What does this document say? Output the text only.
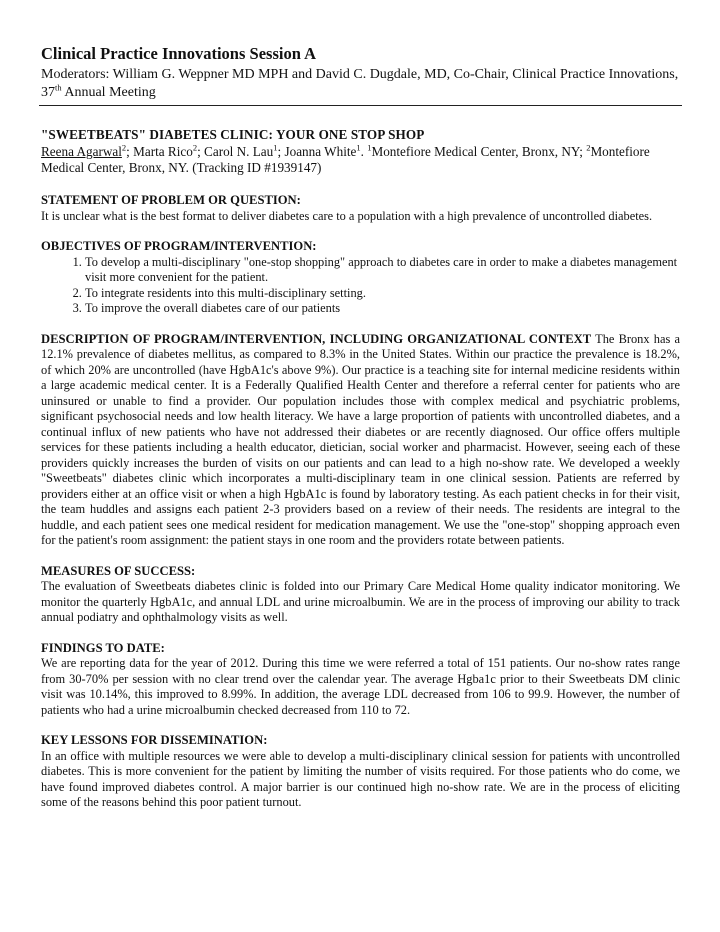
Clinical Practice Innovations Session A

Moderators: William G. Weppner MD MPH and David C. Dugdale, MD, Co-Chair, Clinical Practice Innovations, 37th Annual Meeting

"SWEETBEATS" DIABETES CLINIC: YOUR ONE STOP SHOP

Reena Agarwal$^2$; Marta Rico$^2$; Carol N. Lau$^1$; Joanna White$^1$. $^1$Montefiore Medical Center, Bronx, NY; $^2$Montefiore Medical Center, Bronx, NY. (Tracking ID #1939147)

STATEMENT OF PROBLEM OR QUESTION:

It is unclear what is the best format to deliver diabetes care to a population with a high prevalence of uncontrolled diabetes.

OBJECTIVES OF PROGRAM/INTERVENTION:
1. To develop a multi-disciplinary "one-stop shopping" approach to diabetes care in order to make a diabetes management visit more convenient for the patient.
2. To integrate residents into this multi-disciplinary setting.
3. To improve the overall diabetes care of our patients

DESCRIPTION OF PROGRAM/INTERVENTION, INCLUDING ORGANIZATIONAL CONTEXT The Bronx has a 12.1% prevalence of diabetes mellitus, as compared to 8.3% in the United States. Within our practice the prevalence is 18.2%, of which 20% are uncontrolled (have HgbA1c's above 9%). Our practice is a teaching site for internal medicine residents within a large academic medical center. It is a Federally Qualified Health Center and therefore a referral center for patients who are uninsured or unable to find a provider. Our population includes those with complex medical and psychiatric problems, significant psychosocial needs and low health literacy. We have a large proportion of patients with uncontrolled diabetes, and a continual influx of new patients who have not addressed their diabetes or are recently diagnosed. Our office offers multiple services for these patients including a health educator, dietician, social worker and pharmacist. However, seeing each of these providers quickly increases the burden of visits on our patients and can lead to a high no-show rate. We developed a weekly "Sweetbeats" diabetes clinic which incorporates a multi-disciplinary team in one clinical session. Patients are referred by providers either at an office visit or when a high HgbA1c is found by laboratory testing. As each patient checks in for their visit, the team huddles and assigns each patient 2-3 providers based on a review of their needs. The residents are integral to the huddle, and each patient sees one medical resident for medication management. We use the "one-stop" shopping approach even for the patient's room assignment: the patient stays in one room and the providers rotate between patients.

MEASURES OF SUCCESS:

The evaluation of Sweetbeats diabetes clinic is folded into our Primary Care Medical Home quality indicator monitoring. We monitor the quarterly HgbA1c, and annual LDL and urine microalbumin. We are in the process of improving our ability to track annual podiatry and ophthalmology visits as well.

FINDINGS TO DATE:

We are reporting data for the year of 2012. During this time we were referred a total of 151 patients. Our no-show rates range from 30-70% per session with no clear trend over the calendar year. The average Hgba1c prior to their Sweetbeats DM clinic visit was 10.14%, this improved to 8.99%. In addition, the average LDL decreased from 106 to 99.9. However, the number of patients who had a urine microalbumin checked decreased from 110 to 72.

KEY LESSONS FOR DISSEMINATION:

In an office with multiple resources we were able to develop a multi-disciplinary clinical session for patients with uncontrolled diabetes. This is more convenient for the patient by limiting the number of visits required. For those patients who do come, we have found improved diabetes control. A major barrier is our continued high no-show rate. We are in the process of eliciting some of the reasons behind this poor patient turnout.
